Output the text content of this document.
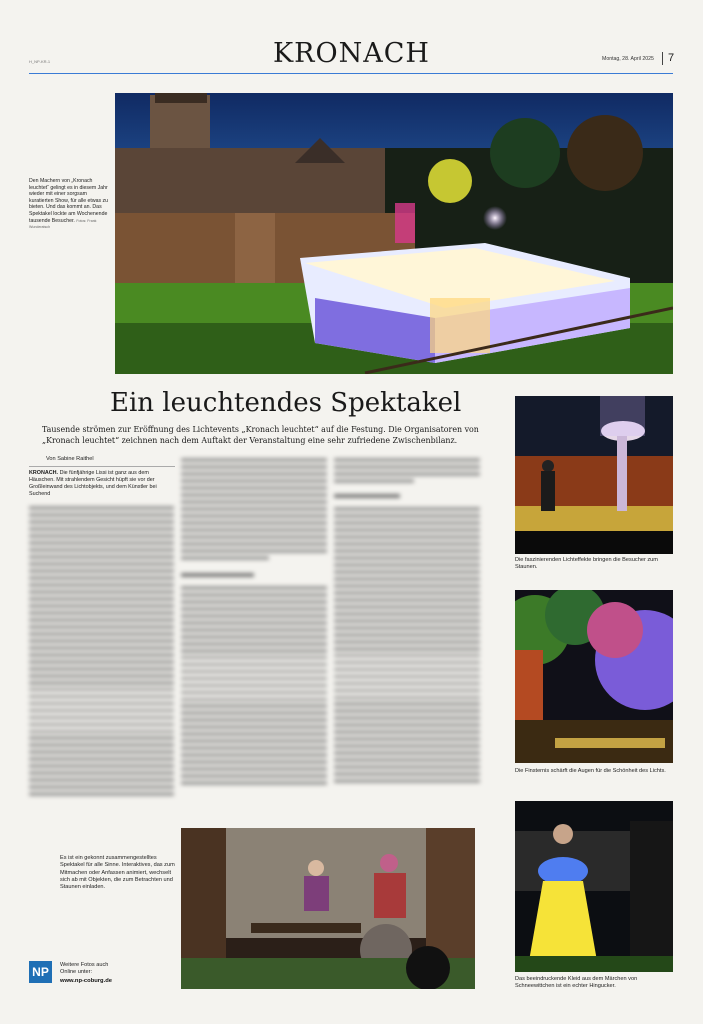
H_NP-KR-1	KRONACH	Montag, 28. April 2025 7
Den Machern von „Kronach leuchtet“ gelingt es in diesem Jahr wieder mit einer sorgsam kuratierten Show, für alle etwas zu bieten. Und das kommt an. Das Spektakel lockte am Wochenende tausende Besucher. Fotos: Frank Wunderatsch
Ein leuchtendes Spektakel
Tausende strömen zur Eröffnung des Lichtevents „Kronach leuchtet“ auf die Festung. Die Organisatoren von „Kronach leuchtet“ zeichnen nach dem Auftakt der Veranstaltung eine sehr zufriedene Zwischenbilanz.
Von Sabine Raithel
KRONACH. Die fünfjährige Lissi ist ganz aus dem Häuschen. Mit strahlendem Gesicht hüpft sie vor der Großleinwand des Lichtobjekts, und dem Künstler bei Suchend
Die faszinierenden Lichteffekte bringen die Besucher zum Staunen.
Die Finsternis schärft die Augen für die Schönheit des Lichts.
Das beeindruckende Kleid aus dem Märchen von Schneewittchen ist ein echter Hingucker.
Es ist ein gekonnt zusammengestelltes Spektakel für alle Sinne. Interaktives, das zum Mitmachen oder Anfassen animiert, wechselt sich ab mit Objekten, die zum Betrachten und Staunen einladen.
NP	Weitere Fotos auch Online unter:
www.np-coburg.de
